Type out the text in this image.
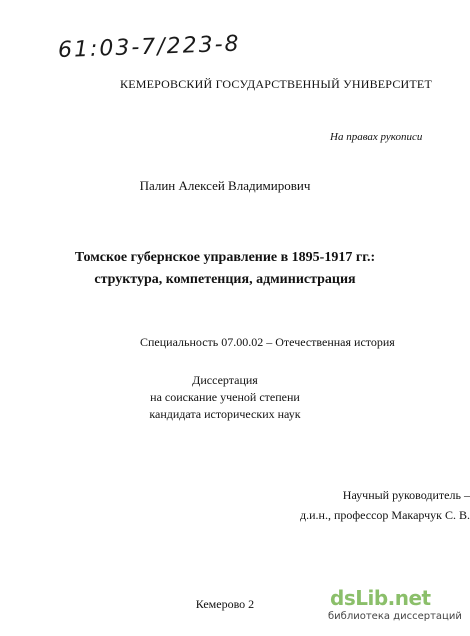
61:03-7/223-8
КЕМЕРОВСКИЙ ГОСУДАРСТВЕННЫЙ УНИВЕРСИТЕТ
На правах рукописи
Палин Алексей Владимирович
Томское губернское управление в 1895-1917 гг.:
структура, компетенция, администрация
Специальность 07.00.02 – Отечественная история
Диссертация
на соискание ученой степени
кандидата исторических наук
Научный руководитель –
д.и.н., профессор Макарчук С. В.
Кемерово 2	dsLib.net
библиотека диссертаций
